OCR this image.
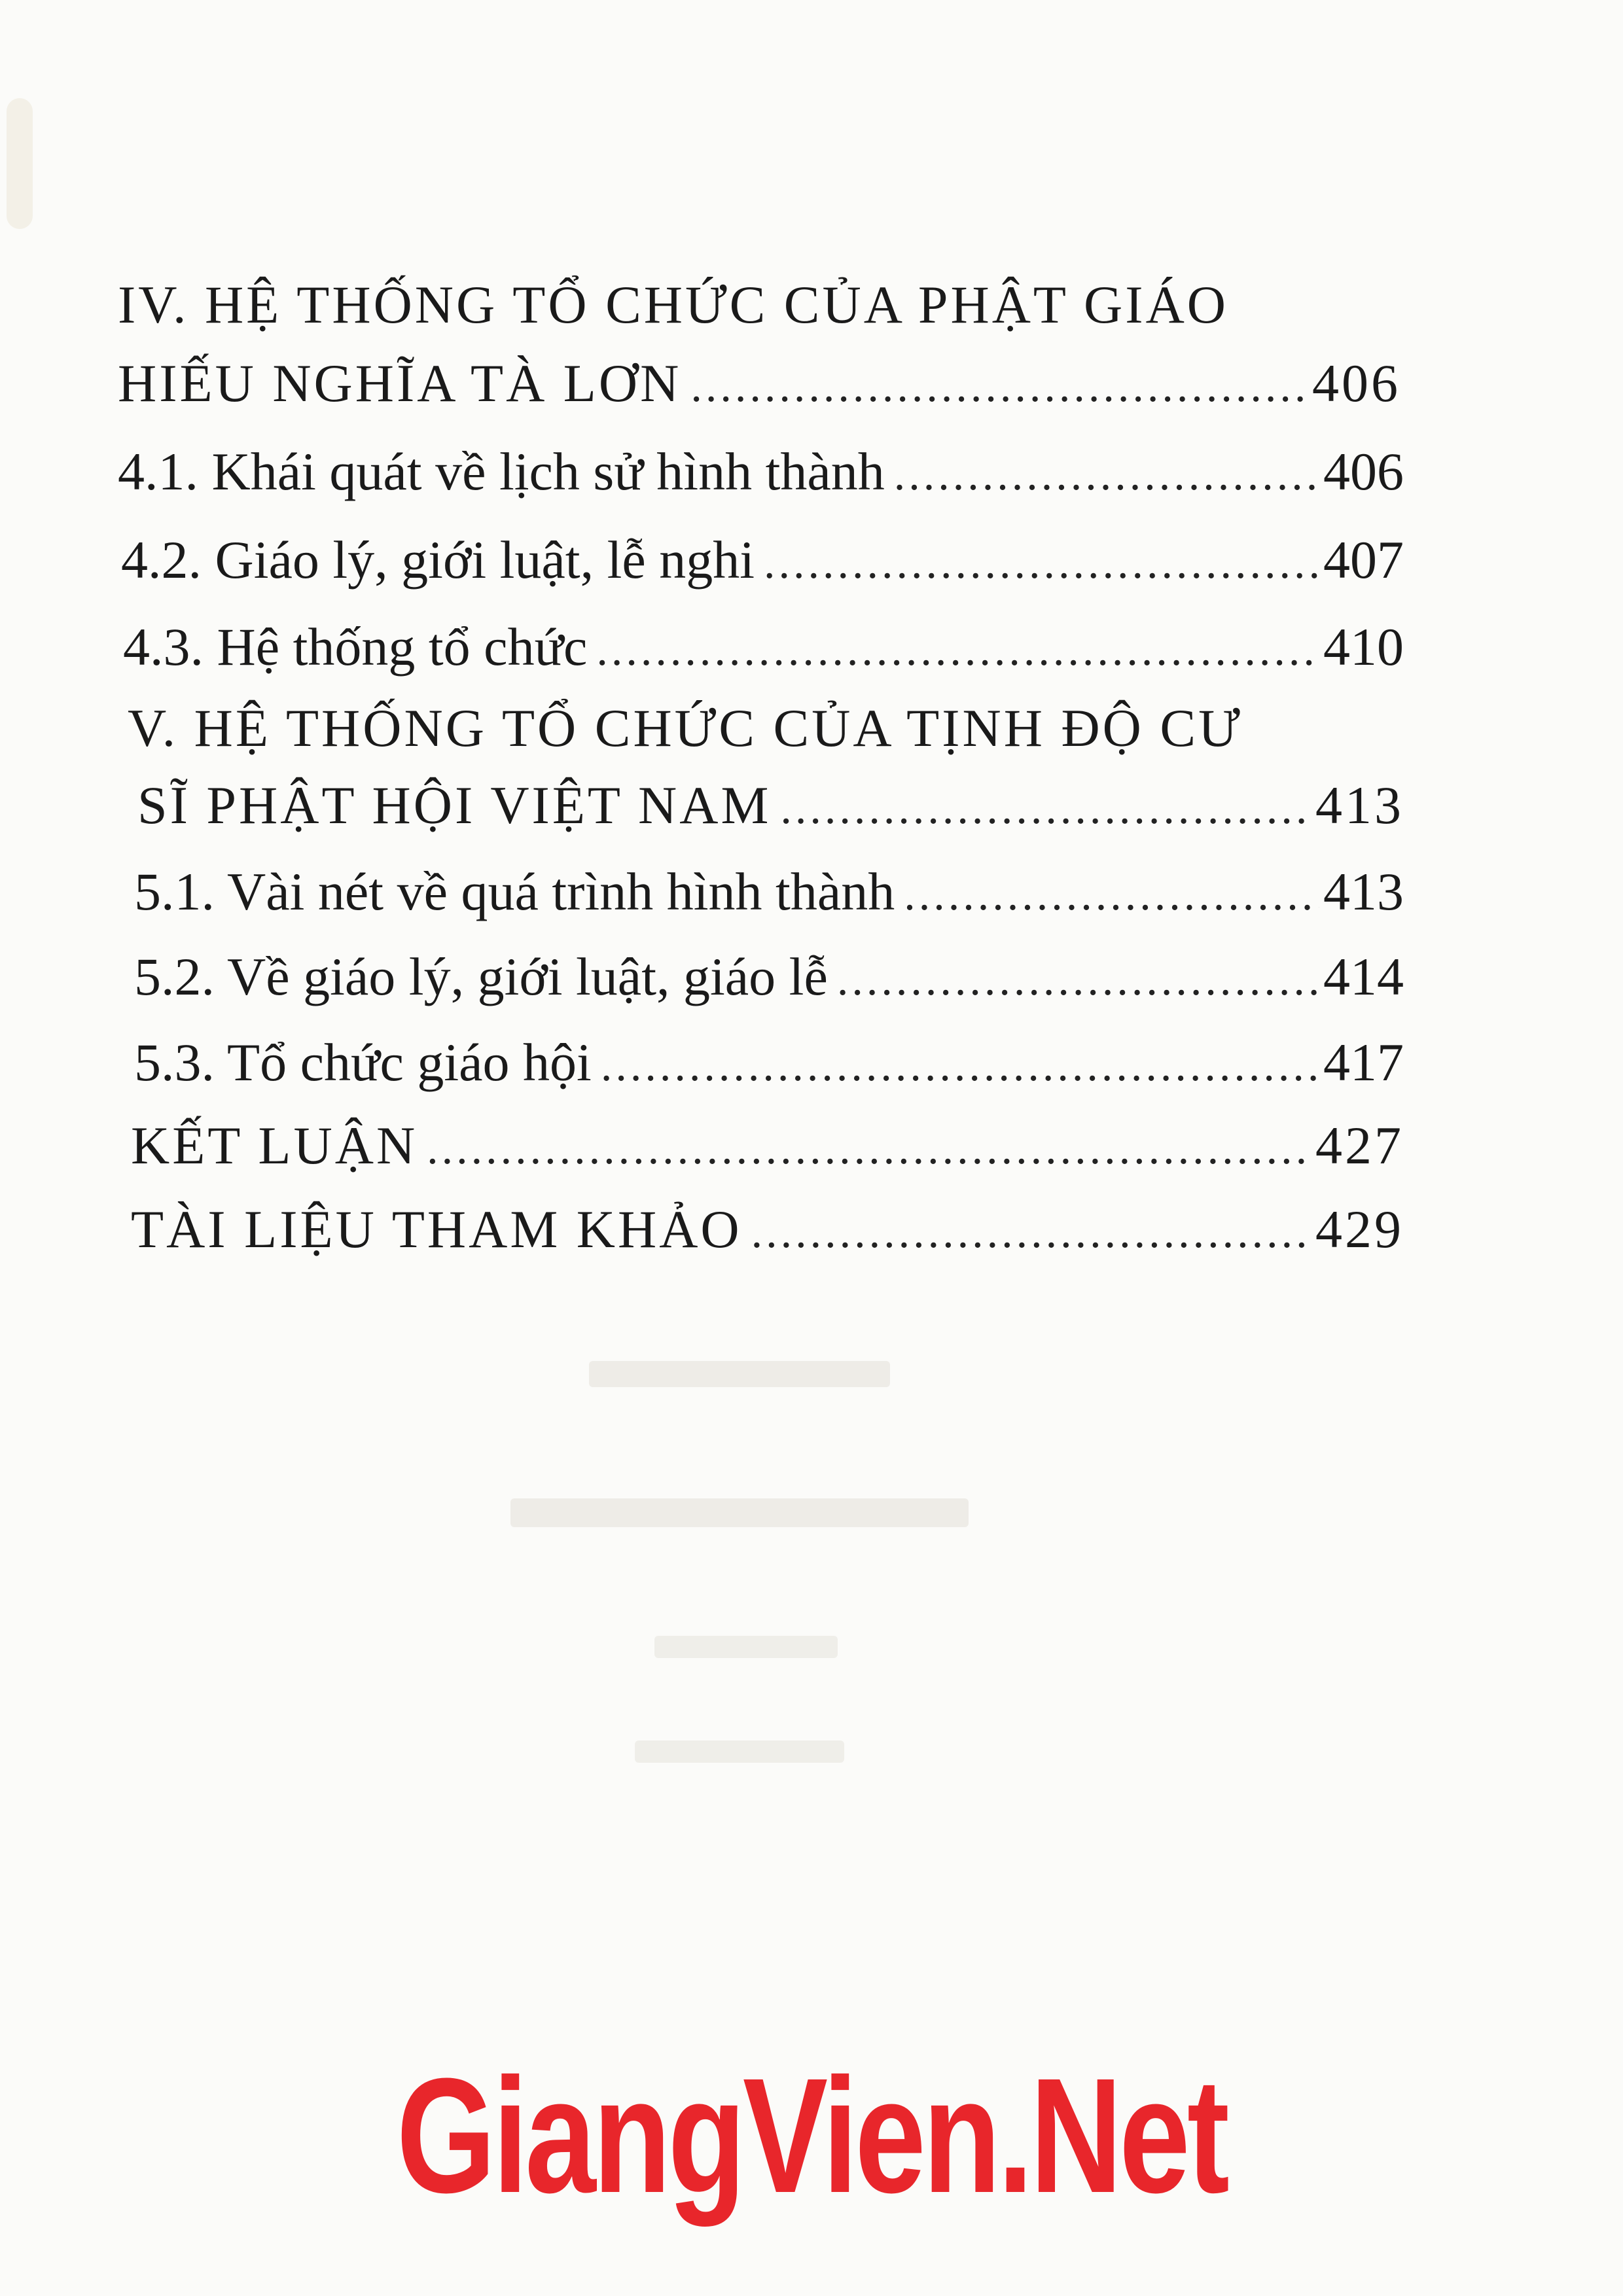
IV. HỆ THỐNG TỔ CHỨC CỦA PHẬT GIÁO
HIẾU NGHĨA TÀ LƠN .....	406
4.1. Khái quát về lịch sử hình thành .....	406
4.2. Giáo lý, giới luật, lễ nghi .....	407
4.3. Hệ thống tổ chức .....	410
V. HỆ THỐNG TỔ CHỨC CỦA TỊNH ĐỘ CƯ
SĨ PHẬT HỘI VIỆT NAM .....	413
5.1. Vài nét về quá trình hình thành .....	413
5.2. Về giáo lý, giới luật, giáo lễ .....	414
5.3. Tổ chức giáo hội .....	417
KẾT LUẬN .....	427
TÀI LIỆU THAM KHẢO .....	429
GiangVien.Net
